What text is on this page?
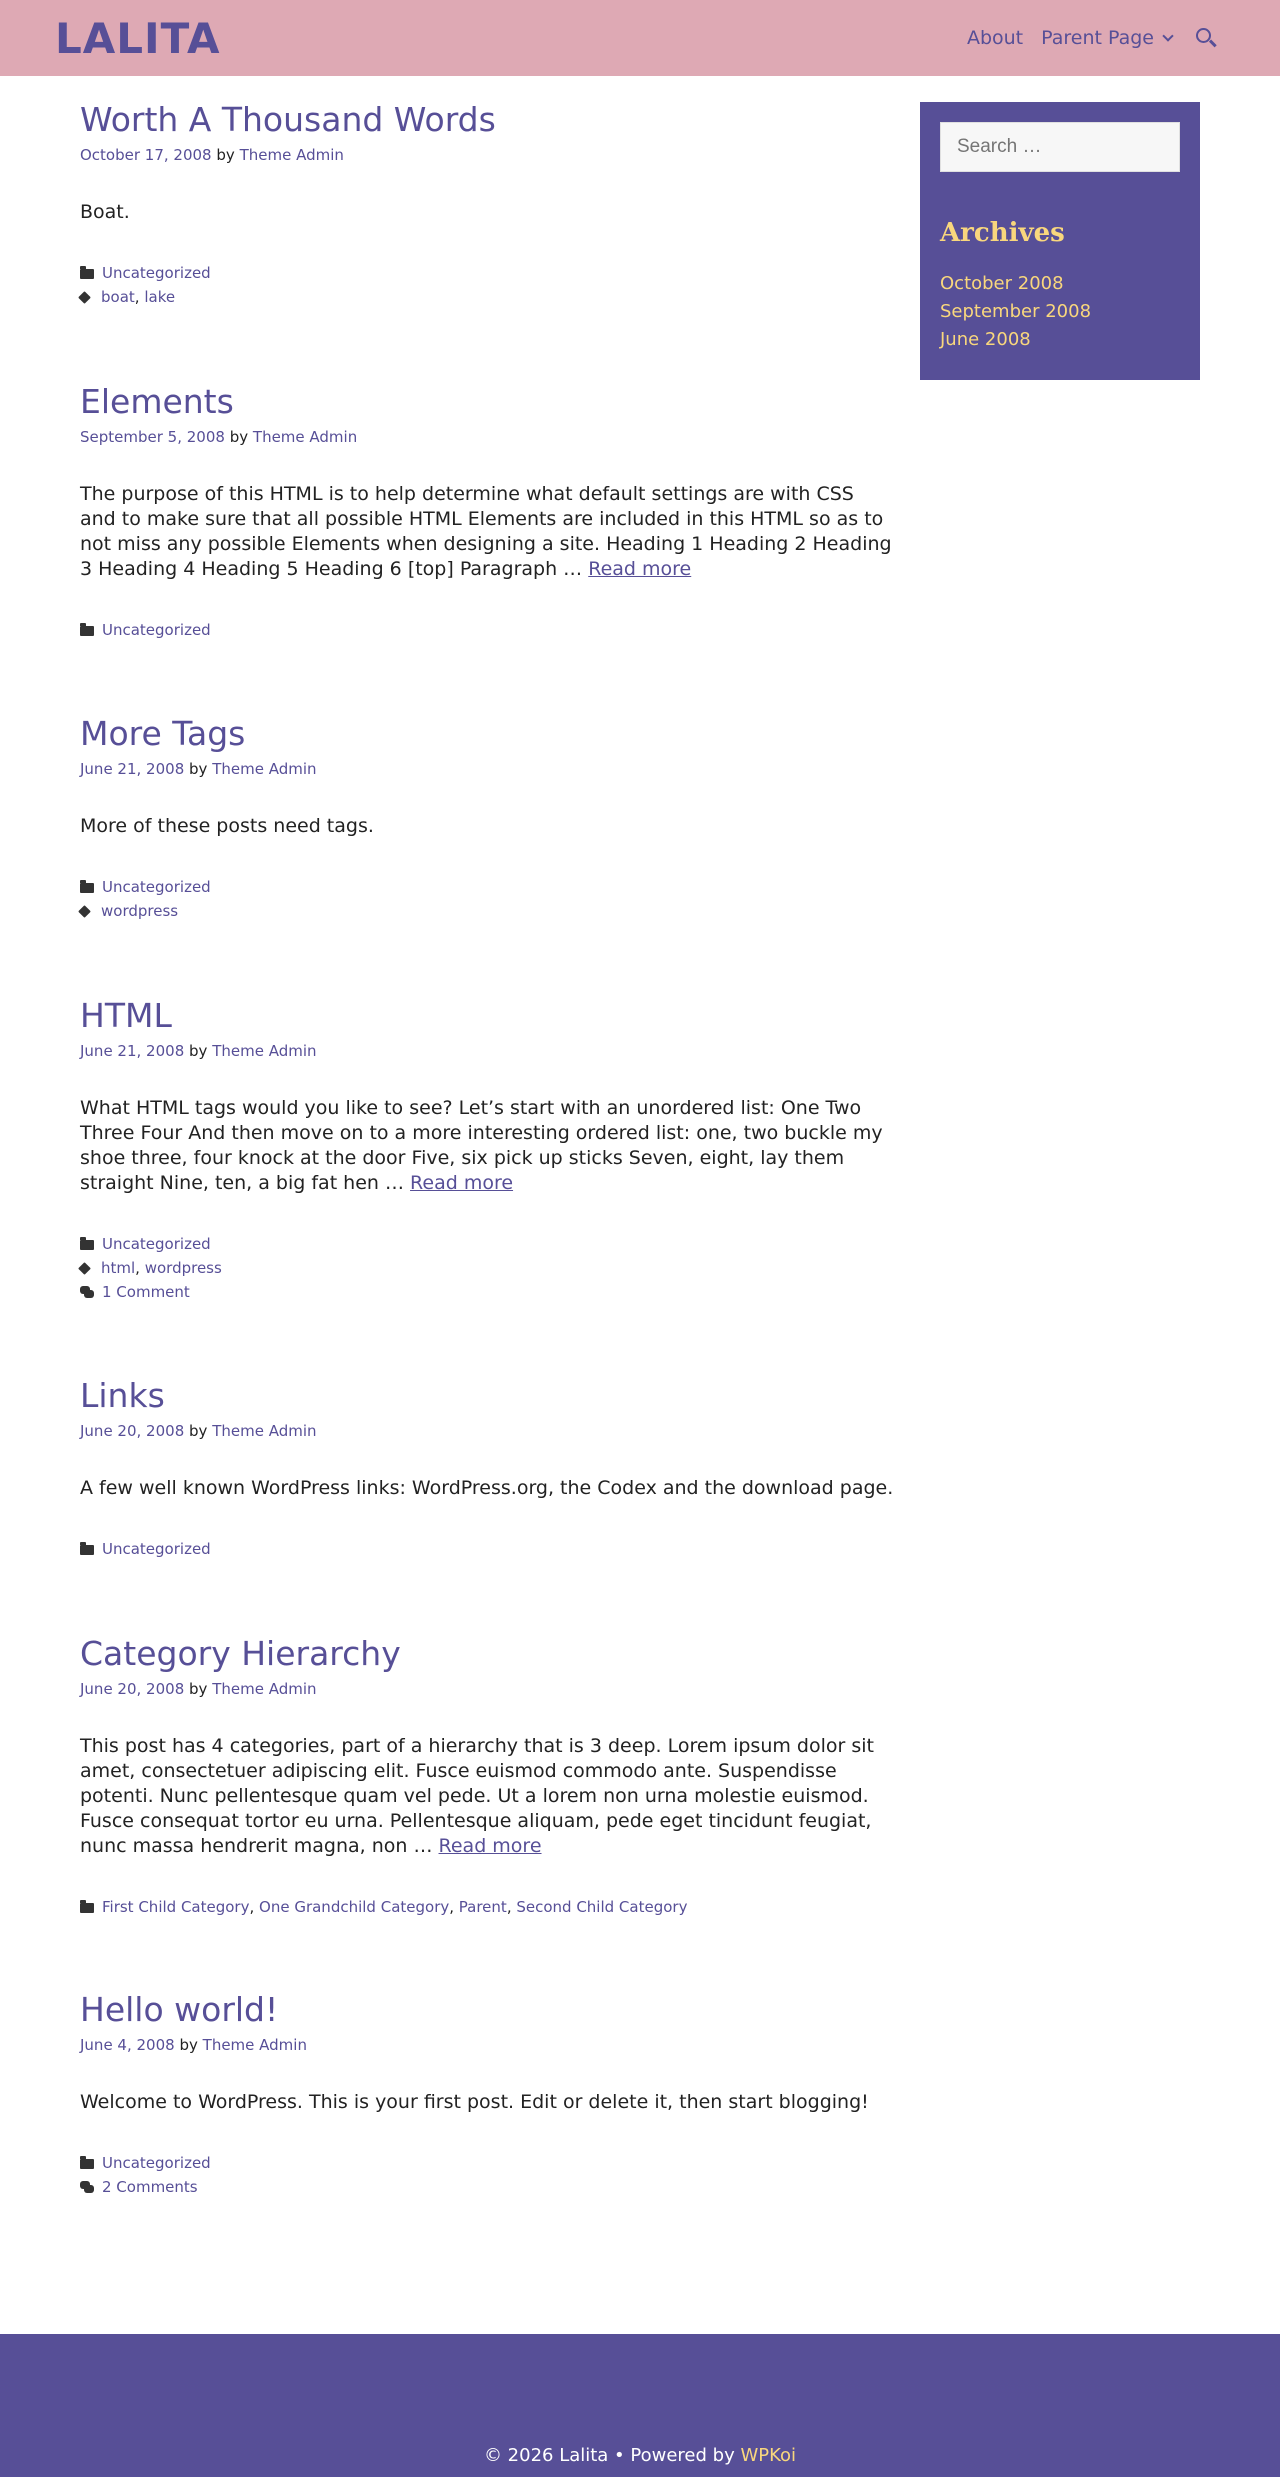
LALITA	About Parent Page
Worth A Thousand Words
October 17, 2008 by Theme Admin

Boat.

Uncategorized
boat, lake
Elements
September 5, 2008 by Theme Admin

The purpose of this HTML is to help determine what default settings are with CSS and to make sure that all possible HTML Elements are included in this HTML so as to not miss any possible Elements when designing a site. Heading 1 Heading 2 Heading 3 Heading 4 Heading 5 Heading 6 [top] Paragraph … Read more

Uncategorized
More Tags
June 21, 2008 by Theme Admin

More of these posts need tags.

Uncategorized
wordpress
HTML
June 21, 2008 by Theme Admin

What HTML tags would you like to see? Let’s start with an unordered list: One Two Three Four And then move on to a more interesting ordered list: one, two buckle my shoe three, four knock at the door Five, six pick up sticks Seven, eight, lay them straight Nine, ten, a big fat hen … Read more

Uncategorized
html, wordpress
1 Comment
Links
June 20, 2008 by Theme Admin

A few well known WordPress links: WordPress.org, the Codex and the download page.

Uncategorized
Category Hierarchy
June 20, 2008 by Theme Admin

This post has 4 categories, part of a hierarchy that is 3 deep. Lorem ipsum dolor sit amet, consectetuer adipiscing elit. Fusce euismod commodo ante. Suspendisse potenti. Nunc pellentesque quam vel pede. Ut a lorem non urna molestie euismod. Fusce consequat tortor eu urna. Pellentesque aliquam, pede eget tincidunt feugiat, nunc massa hendrerit magna, non … Read more

First Child Category, One Grandchild Category, Parent, Second Child Category
Hello world!
June 4, 2008 by Theme Admin

Welcome to WordPress. This is your first post. Edit or delete it, then start blogging!

Uncategorized
2 Comments
Search …
Archives
October 2008
September 2008
June 2008
© 2026 Lalita • Powered by WPKoi
